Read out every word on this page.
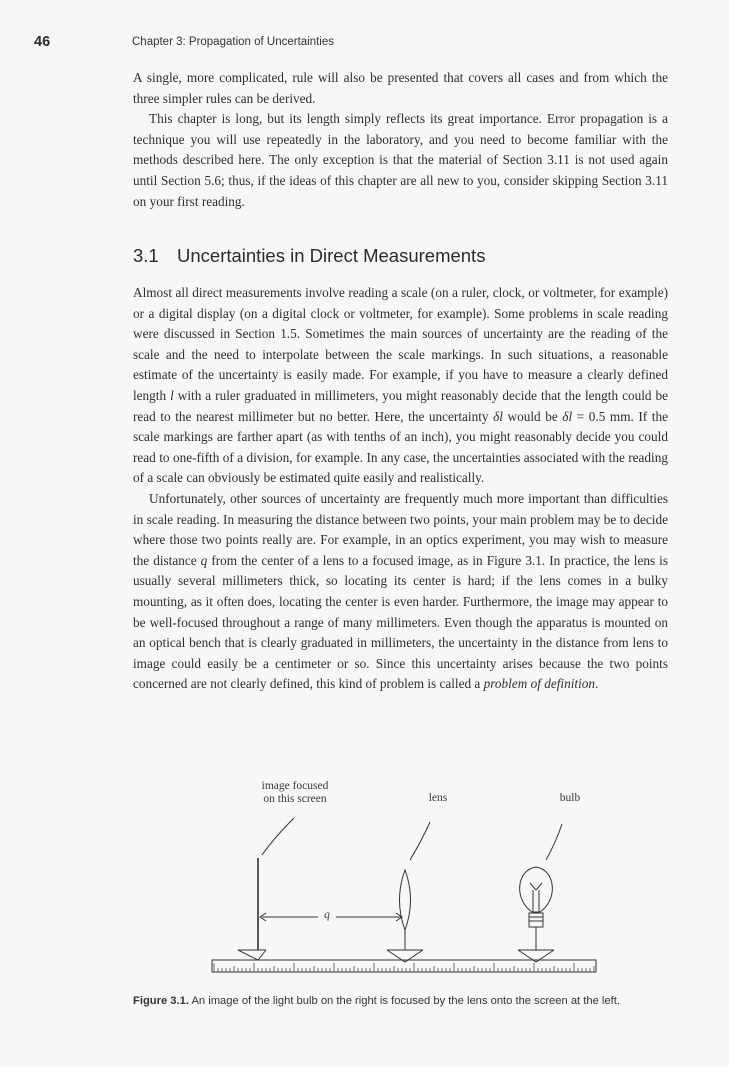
46	Chapter 3: Propagation of Uncertainties

A single, more complicated, rule will also be presented that covers all cases and from which the three simpler rules can be derived.

This chapter is long, but its length simply reflects its great importance. Error propagation is a technique you will use repeatedly in the laboratory, and you need to become familiar with the methods described here. The only exception is that the material of Section 3.11 is not used again until Section 5.6; thus, if the ideas of this chapter are all new to you, consider skipping Section 3.11 on your first reading.

3.1 Uncertainties in Direct Measurements

Almost all direct measurements involve reading a scale (on a ruler, clock, or voltmeter, for example) or a digital display (on a digital clock or voltmeter, for example). Some problems in scale reading were discussed in Section 1.5. Sometimes the main sources of uncertainty are the reading of the scale and the need to interpolate between the scale markings. In such situations, a reasonable estimate of the uncertainty is easily made. For example, if you have to measure a clearly defined length l with a ruler graduated in millimeters, you might reasonably decide that the length could be read to the nearest millimeter but no better. Here, the uncertainty δl would be δl = 0.5 mm. If the scale markings are farther apart (as with tenths of an inch), you might reasonably decide you could read to one-fifth of a division, for example. In any case, the uncertainties associated with the reading of a scale can obviously be estimated quite easily and realistically.

Unfortunately, other sources of uncertainty are frequently much more important than difficulties in scale reading. In measuring the distance between two points, your main problem may be to decide where those two points really are. For example, in an optics experiment, you may wish to measure the distance q from the center of a lens to a focused image, as in Figure 3.1. In practice, the lens is usually several millimeters thick, so locating its center is hard; if the lens comes in a bulky mounting, as it often does, locating the center is even harder. Furthermore, the image may appear to be well-focused throughout a range of many millimeters. Even though the apparatus is mounted on an optical bench that is clearly graduated in millimeters, the uncertainty in the distance from lens to image could easily be a centimeter or so. Since this uncertainty arises because the two points concerned are not clearly defined, this kind of problem is called a problem of definition.

image focused
on this screen	lens	bulb
q
Figure 3.1. An image of the light bulb on the right is focused by the lens onto the screen at the left.
